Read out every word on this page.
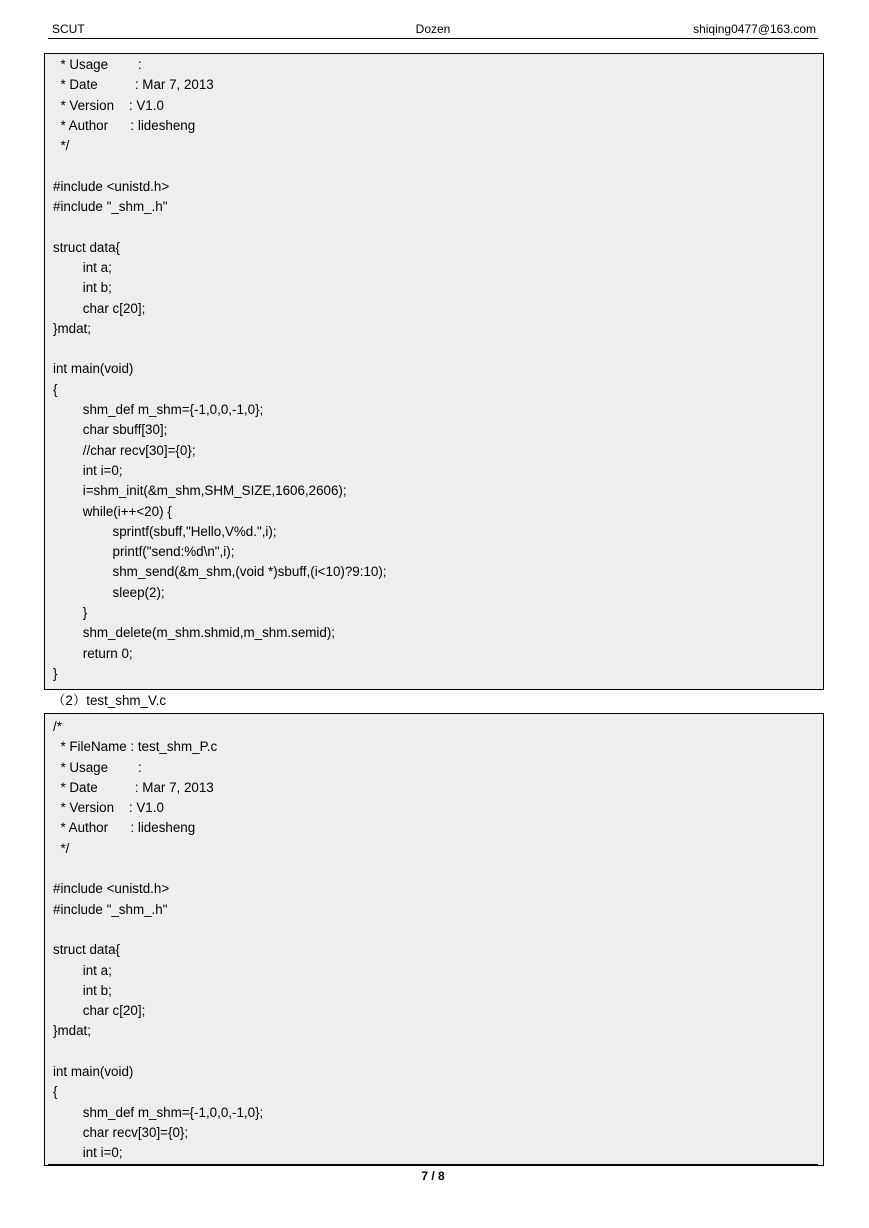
SCUT	Dozen	shiqing0477@163.com
* Usage        :
* Date          : Mar 7, 2013
* Version    : V1.0
* Author      : lidesheng
*/
#include <unistd.h>
#include "_shm_.h"
struct data{
int a;
int b;
char c[20];
}mdat;
int main(void)
{
shm_def m_shm={-1,0,0,-1,0};
char sbuff[30];
//char recv[30]={0};
int i=0;
i=shm_init(&m_shm,SHM_SIZE,1606,2606);
while(i++<20) {
sprintf(sbuff,"Hello,V%d.",i);
printf("send:%d\n",i);
shm_send(&m_shm,(void *)sbuff,(i<10)?9:10);
sleep(2);
}
shm_delete(m_shm.shmid,m_shm.semid);
return 0;
}
（2）test_shm_V.c
/*
* FileName : test_shm_P.c
* Usage        :
* Date          : Mar 7, 2013
* Version    : V1.0
* Author      : lidesheng
*/
#include <unistd.h>
#include "_shm_.h"
struct data{
int a;
int b;
char c[20];
}mdat;
int main(void)
{
shm_def m_shm={-1,0,0,-1,0};
char recv[30]={0};
int i=0;
7 / 8
